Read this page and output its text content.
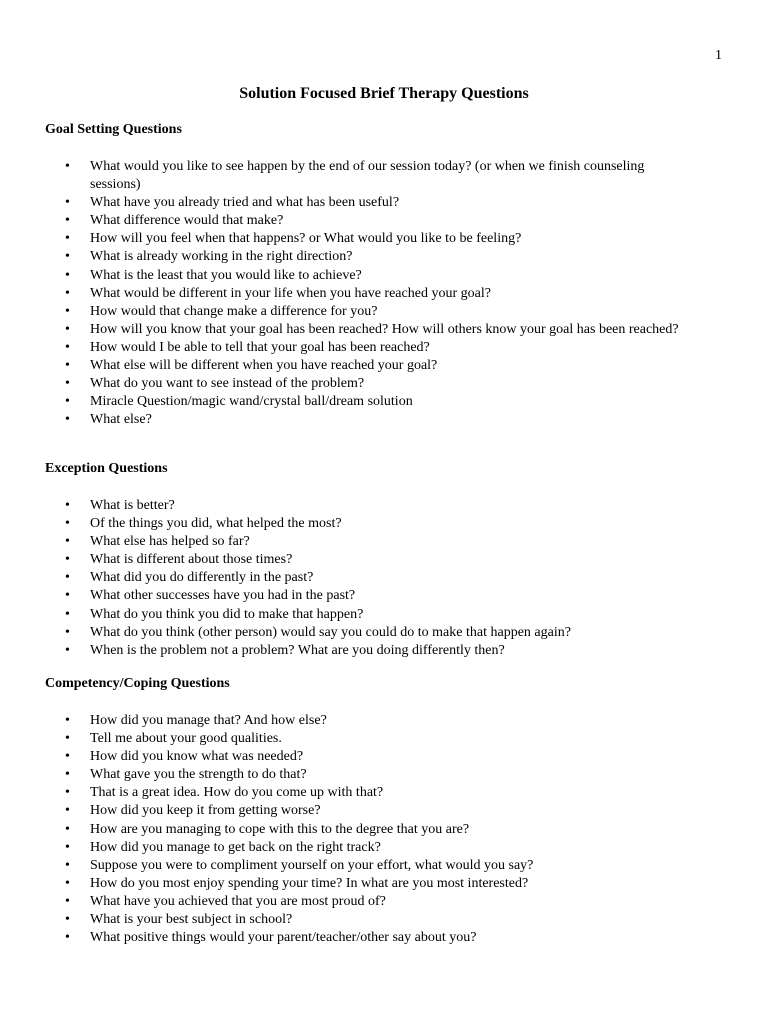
1
Solution Focused Brief Therapy Questions
Goal Setting Questions
• What would you like to see happen by the end of our session today? (or when we finish counseling sessions)
• What have you already tried and what has been useful?
• What difference would that make?
• How will you feel when that happens? or What would you like to be feeling?
• What is already working in the right direction?
• What is the least that you would like to achieve?
• What would be different in your life when you have reached your goal?
• How would that change make a difference for you?
• How will you know that your goal has been reached? How will others know your goal has been reached?
• How would I be able to tell that your goal has been reached?
• What else will be different when you have reached your goal?
• What do you want to see instead of the problem?
• Miracle Question/magic wand/crystal ball/dream solution
• What else?
Exception Questions
• What is better?
• Of the things you did, what helped the most?
• What else has helped so far?
• What is different about those times?
• What did you do differently in the past?
• What other successes have you had in the past?
• What do you think you did to make that happen?
• What do you think (other person) would say you could do to make that happen again?
• When is the problem not a problem? What are you doing differently then?
Competency/Coping Questions
• How did you manage that? And how else?
• Tell me about your good qualities.
• How did you know what was needed?
• What gave you the strength to do that?
• That is a great idea. How do you come up with that?
• How did you keep it from getting worse?
• How are you managing to cope with this to the degree that you are?
• How did you manage to get back on the right track?
• Suppose you were to compliment yourself on your effort, what would you say?
• How do you most enjoy spending your time? In what are you most interested?
• What have you achieved that you are most proud of?
• What is your best subject in school?
• What positive things would your parent/teacher/other say about you?
